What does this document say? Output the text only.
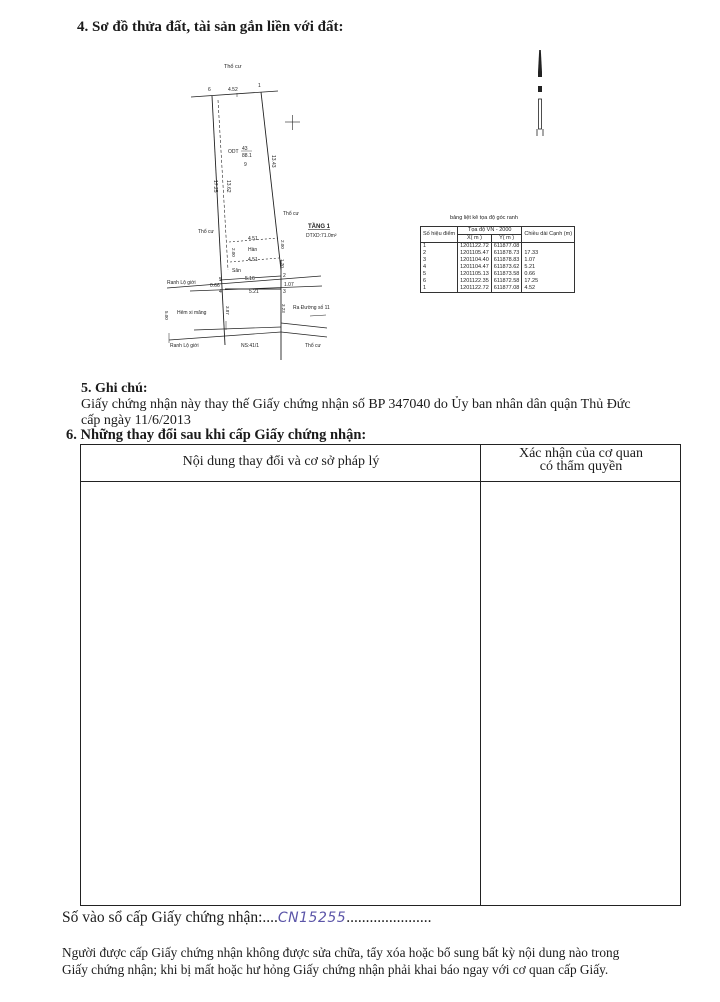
4. Sơ đồ thửa đất, tài sản gắn liền với đất:
Thổ cư
6
1
4.52
ODT 43
88.1
9	13.43
17.25 13.62
Thổ cư
Thổ cư
TẦNG 1
DTXD:71.0m²
4.51
4.51
Hàn
2.00
2.00
1.70
Sân
Ranh Lộ giới	5
2
5.16
1.07
0.66
4	3
5.21
5.00 Hẻm xi măng	3.87	3.23 Ra Đường số 11
Ranh Lộ giới	NS:41/1	Thổ cư
bảng liệt kê tọa độ góc ranh
Số hiệu điểm	Tọa độ VN - 2000		Chiều dài Cạnh (m)
	X( m )	Y( m )	
1	1201122.72	611877.08	
2	1201105.47	611878.73	17.33
3	1201104.40	611878.83	1.07
4	1201104.47	611873.62	5.21
5	1201105.13	611873.58	0.66
6	1201122.35	611872.58	17.25
1	1201122.72	611877.08	4.52
5. Ghi chú:
Giấy chứng nhận này thay thế Giấy chứng nhận số BP 347040 do Ủy ban nhân dân quận Thủ Đức
cấp ngày 11/6/2013
6. Những thay đổi sau khi cấp Giấy chứng nhận:
Nội dung thay đổi và cơ sở pháp lý
Xác nhận của cơ quan
có thẩm quyền
Số vào sổ cấp Giấy chứng nhận:....CN15255......................
Người được cấp Giấy chứng nhận không được sửa chữa, tẩy xóa hoặc bổ sung bất kỳ nội dung nào trong
Giấy chứng nhận; khi bị mất hoặc hư hỏng Giấy chứng nhận phải khai báo ngay với cơ quan cấp Giấy.
